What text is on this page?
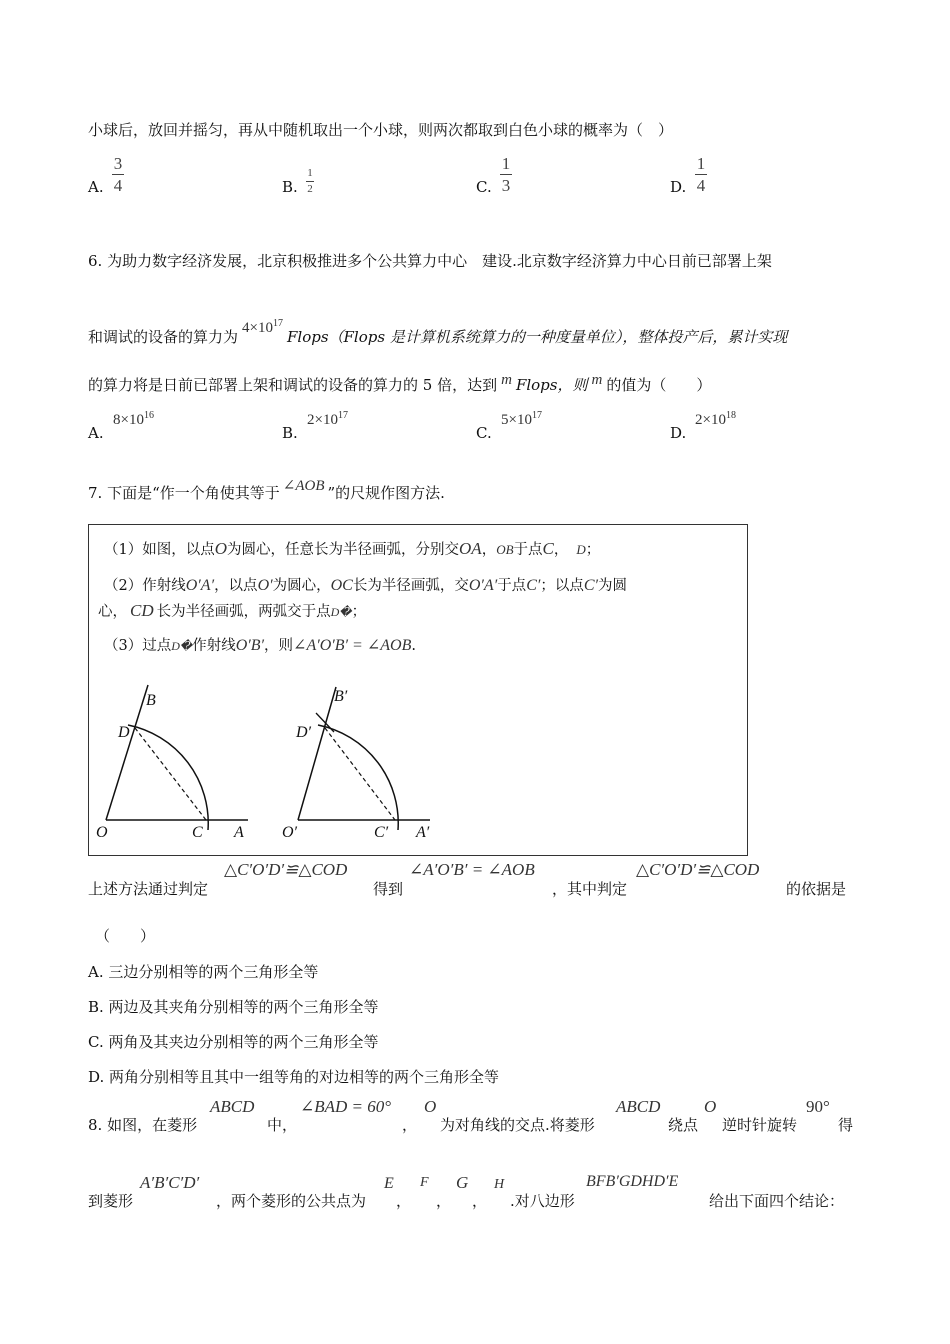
小球后，放回并摇匀，再从中随机取出一个小球，则两次都取到白色小球的概率为（　）
A.
3
4	B.
1
2	C.
1
3	D.
1
4
6. 为助力数字经济发展，北京积极推进多个公共算力中心　建设.北京数字经济算力中心日前已部署上架
和调试的设备的算力为 $4\times 10^{17}Flops(Flops$ 是计算机系统算力的一种度量单位），整体投产后，累计实现
的算力将是日前已部署上架和调试的设备的算力的 5 倍，达到 m Flops，则 m 的值为（　　）
A.
$8\times 10^{16}$
B.
$2\times 10^{17}$
C.
$5\times 10^{17}$
D.
$2\times 10^{18}$
7. 下面是“作一个角使其等于 ∠AOB ”的尺规作图方法.
（1）如图，以点O为圆心，任意长为半径画弧，分别交OA，OB于点C， D；
（2）作射线O′A′，以点O′为圆心，OC长为半径画弧，交O′A′于点C′；以点C′为圆
心， CD 长为半径画弧，两弧交于点D�；
（3）过点D�作射线O′B′，则∠A′O′B′ = ∠AOB.
B
D
O	C A
B′
D′
O′	C′ A′
上述方法通过判定
△C′O′D′≌△COD
得到
∠A′O′B′ = ∠AOB
，其中判定
△C′O′D′≌△COD
的依据是
（　　）
A. 三边分别相等的两个三角形全等
B. 两边及其夹角分别相等的两个三角形全等
C. 两角及其夹边分别相等的两个三角形全等
D. 两角分别相等且其中一组等角的对边相等的两个三角形全等
8. 如图，在菱形
ABCD
中，
∠BAD = 60°
，
O
为对角线的交点.将菱形
ABCD
绕点
O
逆时针旋转
90°
得
到菱形
A′B′C′D′
，两个菱形的公共点为
E
，
F
，
G
，
H
.对八边形
BFB′GDHD′E
给出下面四个结论：
